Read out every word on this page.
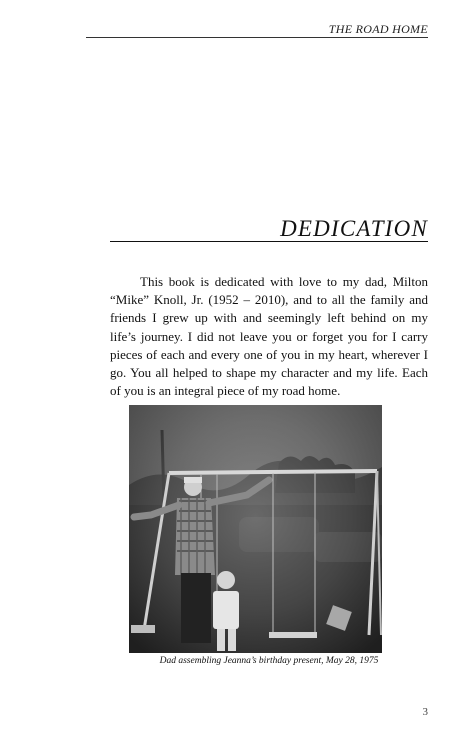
THE ROAD HOME
DEDICATION

This book is dedicated with love to my dad, Milton “Mike” Knoll, Jr. (1952 – 2010), and to all the family and friends I grew up with and seemingly left behind on my life’s journey. I did not leave you or forget you for I carry pieces of each and every one of you in my heart, wherever I go. You all helped to shape my character and my life. Each of you is an integral piece of my road home.

Dad assembling Jeanna’s birthday present, May 28, 1975
3
